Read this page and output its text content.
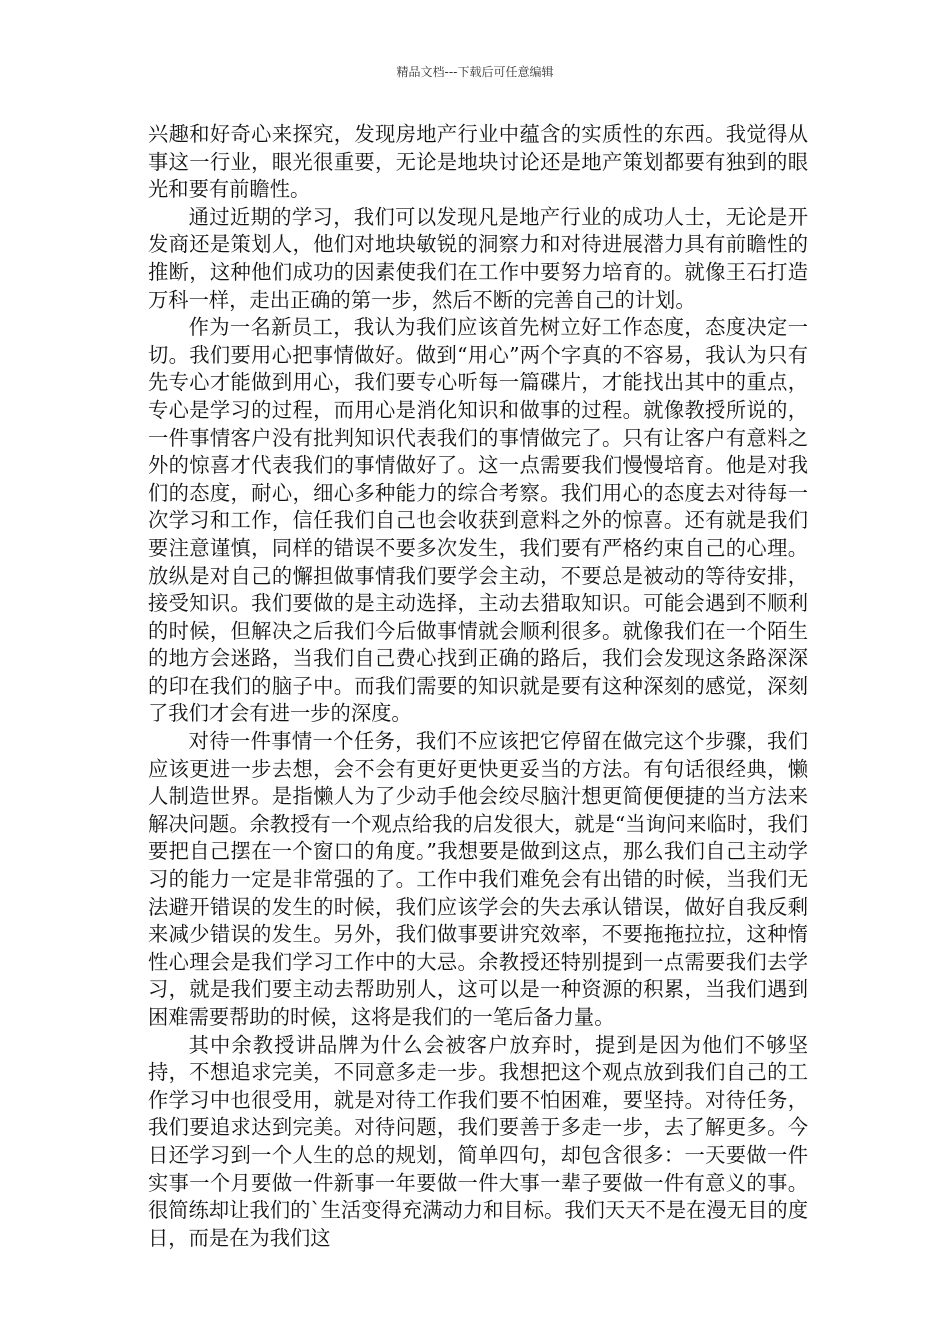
精品文档---下载后可任意编辑

兴趣和好奇心来探究，发现房地产行业中蕴含的实质性的东西。我觉得从事这一行业，眼光很重要，无论是地块讨论还是地产策划都要有独到的眼光和要有前瞻性。

通过近期的学习，我们可以发现凡是地产行业的成功人士，无论是开发商还是策划人，他们对地块敏锐的洞察力和对待进展潜力具有前瞻性的推断，这种他们成功的因素使我们在工作中要努力培育的。就像王石打造万科一样，走出正确的第一步，然后不断的完善自己的计划。

作为一名新员工，我认为我们应该首先树立好工作态度，态度决定一切。我们要用心把事情做好。做到“用心”两个字真的不容易，我认为只有先专心才能做到用心，我们要专心听每一篇碟片，才能找出其中的重点，专心是学习的过程，而用心是消化知识和做事的过程。就像教授所说的，一件事情客户没有批判知识代表我们的事情做完了。只有让客户有意料之外的惊喜才代表我们的事情做好了。这一点需要我们慢慢培育。他是对我们的态度，耐心，细心多种能力的综合考察。我们用心的态度去对待每一次学习和工作，信任我们自己也会收获到意料之外的惊喜。还有就是我们要注意谨慎，同样的错误不要多次发生，我们要有严格约束自己的心理。放纵是对自己的懈担做事情我们要学会主动，不要总是被动的等待安排，接受知识。我们要做的是主动选择，主动去猎取知识。可能会遇到不顺利的时候，但解决之后我们今后做事情就会顺利很多。就像我们在一个陌生的地方会迷路，当我们自己费心找到正确的路后，我们会发现这条路深深的印在我们的脑子中。而我们需要的知识就是要有这种深刻的感觉，深刻了我们才会有进一步的深度。

对待一件事情一个任务，我们不应该把它停留在做完这个步骤，我们应该更进一步去想，会不会有更好更快更妥当的方法。有句话很经典，懒人制造世界。是指懒人为了少动手他会绞尽脑汁想更简便便捷的当方法来解决问题。余教授有一个观点给我的启发很大，就是“当询问来临时，我们要把自己摆在一个窗口的角度。”我想要是做到这点，那么我们自己主动学习的能力一定是非常强的了。工作中我们难免会有出错的时候，当我们无法避开错误的发生的时候，我们应该学会的失去承认错误，做好自我反剩来减少错误的发生。另外，我们做事要讲究效率，不要拖拖拉拉，这种惰性心理会是我们学习工作中的大忌。余教授还特别提到一点需要我们去学习，就是我们要主动去帮助别人，这可以是一种资源的积累，当我们遇到困难需要帮助的时候，这将是我们的一笔后备力量。

其中余教授讲品牌为什么会被客户放弃时，提到是因为他们不够坚持，不想追求完美，不同意多走一步。我想把这个观点放到我们自己的工作学习中也很受用，就是对待工作我们要不怕困难，要坚持。对待任务，我们要追求达到完美。对待问题，我们要善于多走一步，去了解更多。今日还学习到一个人生的总的规划，简单四句，却包含很多：一天要做一件实事一个月要做一件新事一年要做一件大事一辈子要做一件有意义的事。很简练却让我们的`生活变得充满动力和目标。我们天天不是在漫无目的度日，而是在为我们这
